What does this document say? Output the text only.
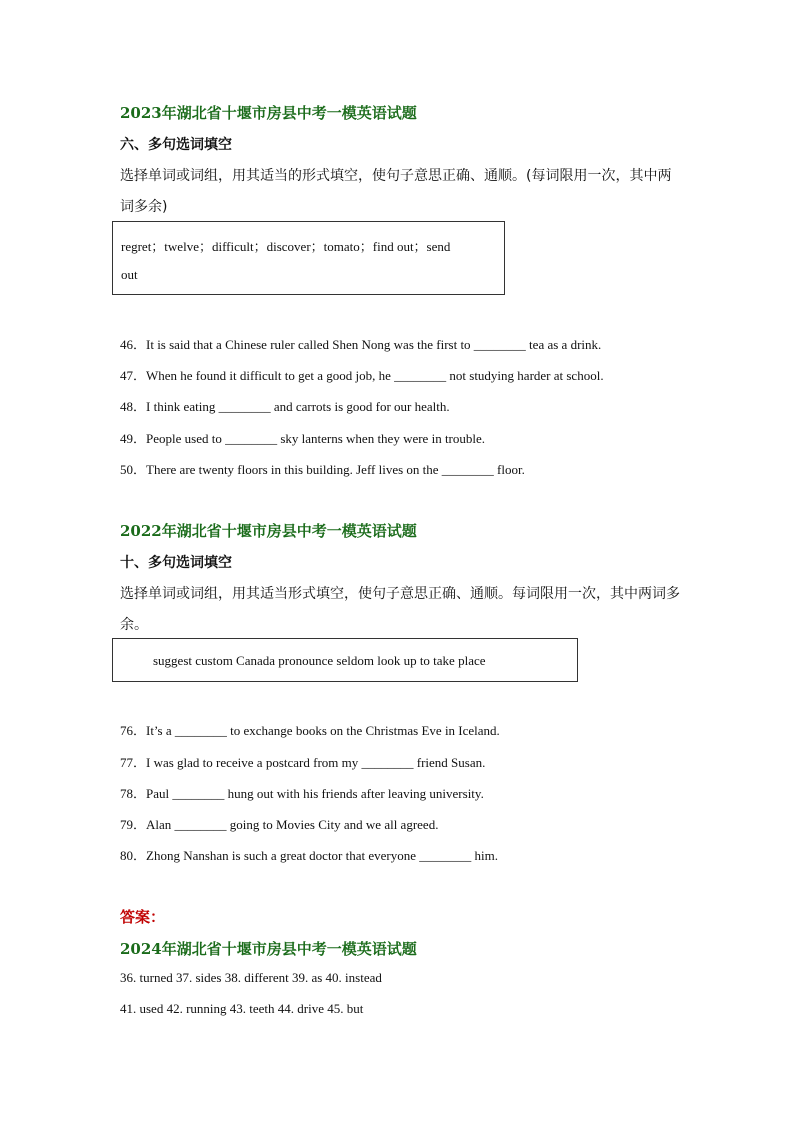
2023年湖北省十堰市房县中考一模英语试题
六、多句选词填空
选择单词或词组，用其适当的形式填空，使句子意思正确、通顺。(每词限用一次，其中两
词多余)
regret；twelve；difficult；discover；tomato；find out；send
out
46．It is said that a Chinese ruler called Shen Nong was the first to ________ tea as a drink.
47．When he found it difficult to get a good job, he ________ not studying harder at school.
48．I think eating ________ and carrots is good for our health.
49．People used to ________ sky lanterns when they were in trouble.
50．There are twenty floors in this building. Jeff lives on the ________ floor.
2022年湖北省十堰市房县中考一模英语试题
十、多句选词填空
选择单词或词组，用其适当形式填空，使句子意思正确、通顺。每词限用一次，其中两词多
余。
suggest custom Canada pronounce seldom look up to take place
76．It’s a ________ to exchange books on the Christmas Eve in Iceland.
77．I was glad to receive a postcard from my ________ friend Susan.
78．Paul ________ hung out with his friends after leaving university.
79．Alan ________ going to Movies City and we all agreed.
80．Zhong Nanshan is such a great doctor that everyone ________ him.
答案：
2024年湖北省十堰市房县中考一模英语试题
36. turned 37. sides 38. different 39. as 40. instead
41. used 42. running 43. teeth 44. drive 45. but
